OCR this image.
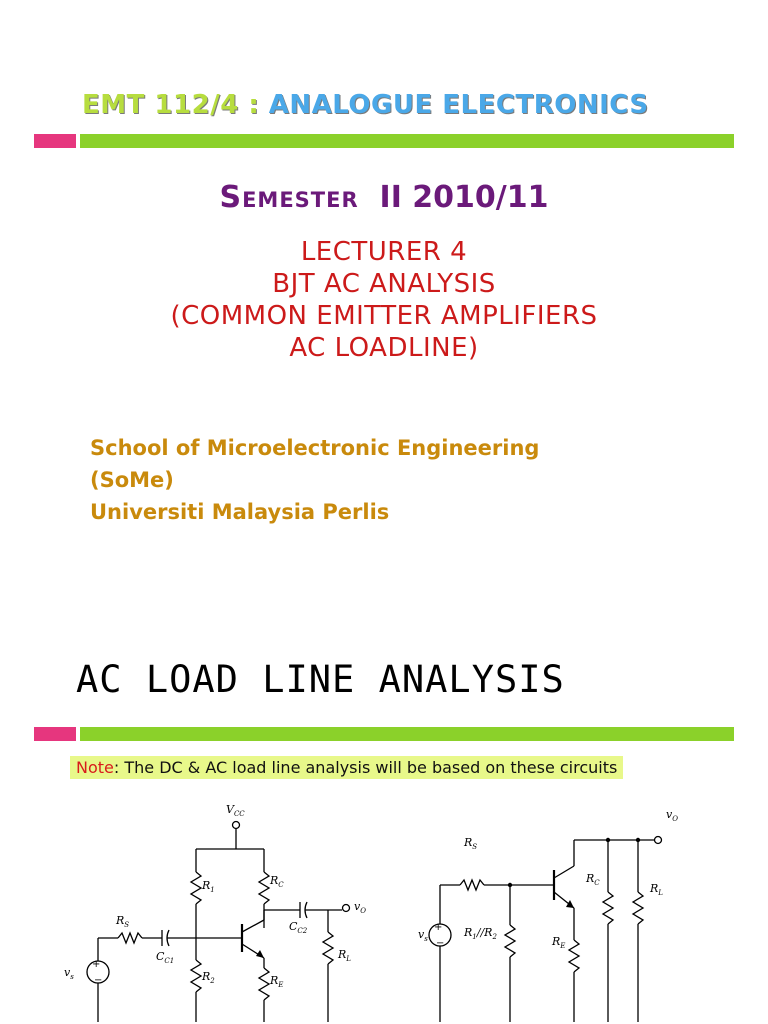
EMT 112/4 : ANALOGUE ELECTRONICS
Semester II 2010/11
LECTURER 4
BJT AC ANALYSIS
(COMMON EMITTER AMPLIFIERS
AC LOADLINE)
School of Microelectronic Engineering
(SoMe)
Universiti Malaysia Perlis
AC LOAD LINE ANALYSIS
Note: The DC & AC load line analysis will be based on these circuits
+
−
$V_{CC}$
$R_1$
$R_C$
$C_{C2}$
$v_O$
$R_S$
$C_{C1}$	$R_L$
$v_s$	$R_2$	$R_E$
+
−
$v_O$
$R_S$
$R_C$	$R_L$
$v_s$	$R_1//R_2$	$R_E$
